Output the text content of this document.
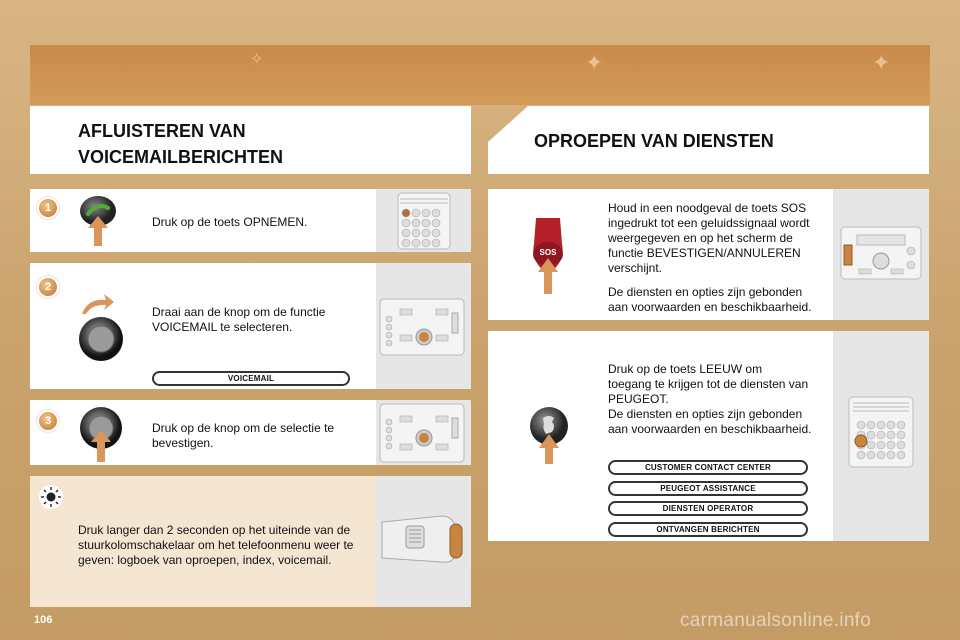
✦	✦
✧
AFLUISTEREN VAN
VOICEMAILBERICHTEN
OPROEPEN VAN DIENSTEN
1
Druk op de toets OPNEMEN.
2
Draai aan de knop om de functie
VOICEMAIL te selecteren.
VOICEMAIL
3	Druk op de knop om de selectie te
bevestigen.
Druk langer dan 2 seconden op het uiteinde van de
stuurkolomschakelaar om het telefoonmenu weer te
geven: logboek van oproepen, index, voicemail.
SOS
Houd in een noodgeval de toets SOS
ingedrukt tot een geluidssignaal wordt
weergegeven en op het scherm de
functie BEVESTIGEN/ANNULEREN
verschijnt.
De diensten en opties zijn gebonden
aan voorwaarden en beschikbaarheid.
Druk op de toets LEEUW om
toegang te krijgen tot de diensten van
PEUGEOT.
De diensten en opties zijn gebonden
aan voorwaarden en beschikbaarheid.
CUSTOMER CONTACT CENTER
PEUGEOT ASSISTANCE
DIENSTEN OPERATOR
ONTVANGEN BERICHTEN
106	carmanualsonline.info
